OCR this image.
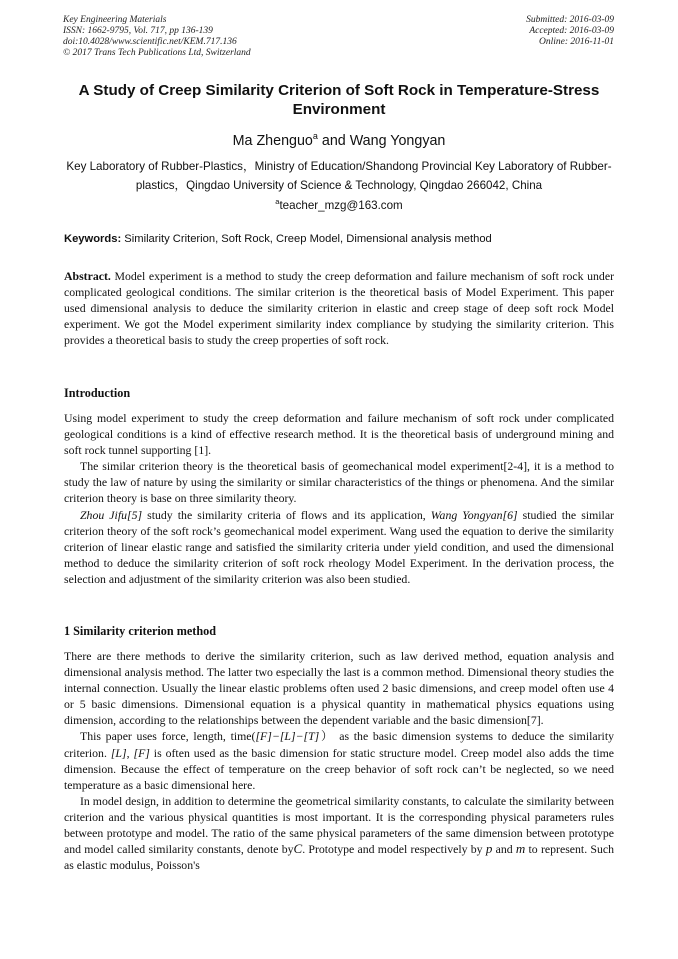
Key Engineering Materials
ISSN: 1662-9795, Vol. 717, pp 136-139
doi:10.4028/www.scientific.net/KEM.717.136
© 2017 Trans Tech Publications Ltd, Switzerland
Submitted: 2016-03-09
Accepted: 2016-03-09
Online: 2016-11-01
A Study of Creep Similarity Criterion of Soft Rock in Temperature-Stress Environment
Ma Zhenguo$^a$ and Wang Yongyan
Key Laboratory of Rubber-Plastics，Ministry of Education/Shandong Provincial Key Laboratory of Rubber-plastics，Qingdao University of Science & Technology, Qingdao 266042, China
$^a$teacher_mzg@163.com
Keywords: Similarity Criterion, Soft Rock, Creep Model, Dimensional analysis method

Abstract. Model experiment is a method to study the creep deformation and failure mechanism of soft rock under complicated geological conditions. The similar criterion is the theoretical basis of Model Experiment. This paper used dimensional analysis to deduce the similarity criterion in elastic and creep stage of deep soft rock Model experiment. We got the Model experiment similarity index compliance by studying the similarity criterion. This provides a theoretical basis to study the creep properties of soft rock.

Introduction

Using model experiment to study the creep deformation and failure mechanism of soft rock under complicated geological conditions is a kind of effective research method. It is the theoretical basis of underground mining and soft rock tunnel supporting [1].

The similar criterion theory is the theoretical basis of geomechanical model experiment[2-4], it is a method to study the law of nature by using the similarity or similar characteristics of the things or phenomena. And the similar criterion theory is base on three similarity theory.

Zhou Jifu[5] study the similarity criteria of flows and its application, Wang Yongyan[6] studied the similar criterion theory of the soft rock’s geomechanical model experiment. Wang used the equation to derive the similarity criterion of linear elastic range and satisfied the similarity criteria under yield condition, and used the dimensional method to deduce the similarity criterion of soft rock rheology Model Experiment. In the derivation process, the selection and adjustment of the similarity criterion was also been studied.

1 Similarity criterion method

There are there methods to derive the similarity criterion, such as law derived method, equation analysis and dimensional analysis method. The latter two especially the last is a common method. Dimensional theory studies the internal connection. Usually the linear elastic problems often used 2 basic dimensions, and creep model often use 4 or 5 basic dimensions. Dimensional equation is a physical quantity in mathematical physics equations using dimension, according to the relationships between the dependent variable and the basic dimension[7].

This paper uses force, length, time([F]−[L]−[T]） as the basic dimension systems to deduce the similarity criterion. [L], [F] is often used as the basic dimension for static structure model. Creep model also adds the time dimension. Because the effect of temperature on the creep behavior of soft rock can’t be neglected, so we need temperature as a basic dimensional here.

In model design, in addition to determine the geometrical similarity constants, to calculate the similarity between criterion and the various physical quantities is most important. It is the corresponding physical parameters rules between prototype and model. The ratio of the same physical parameters of the same dimension between prototype and model called similarity constants, denote byC. Prototype and model respectively by p and m to represent. Such as elastic modulus, Poisson's
